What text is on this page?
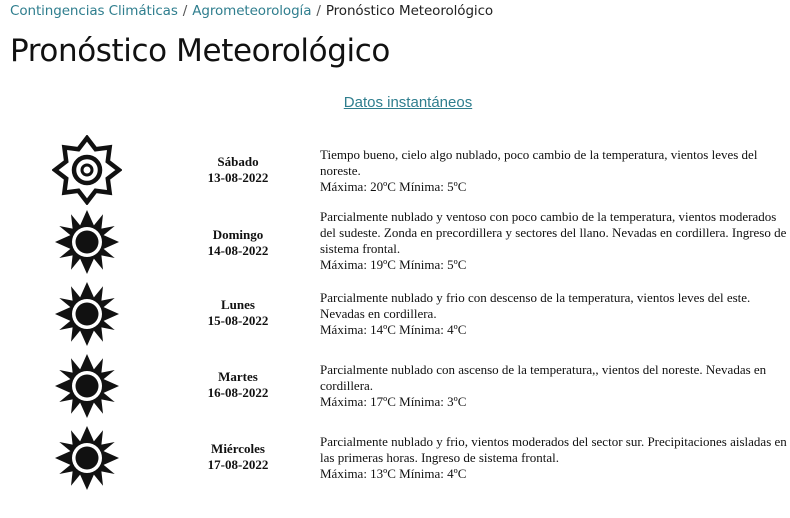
Contingencias Climáticas / Agrometeorología / Pronóstico Meteorológico
Pronóstico Meteorológico
Datos instantáneos
Sábado
13-08-2022
Tiempo bueno, cielo algo nublado, poco cambio de la temperatura, vientos leves del noreste.
Máxima: 20ºC Mínima: 5ºC
Domingo
14-08-2022
Parcialmente nublado y ventoso con poco cambio de la temperatura, vientos moderados del sudeste. Zonda en precordillera y sectores del llano. Nevadas en cordillera. Ingreso de sistema frontal.
Máxima: 19ºC Mínima: 5ºC
Lunes
15-08-2022
Parcialmente nublado y frio con descenso de la temperatura, vientos leves del este. Nevadas en cordillera.
Máxima: 14ºC Mínima: 4ºC
Martes
16-08-2022
Parcialmente nublado con ascenso de la temperatura,, vientos del noreste. Nevadas en cordillera.
Máxima: 17ºC Mínima: 3ºC
Miércoles
17-08-2022
Parcialmente nublado y frio, vientos moderados del sector sur. Precipitaciones aisladas en las primeras horas. Ingreso de sistema frontal.
Máxima: 13ºC Mínima: 4ºC
